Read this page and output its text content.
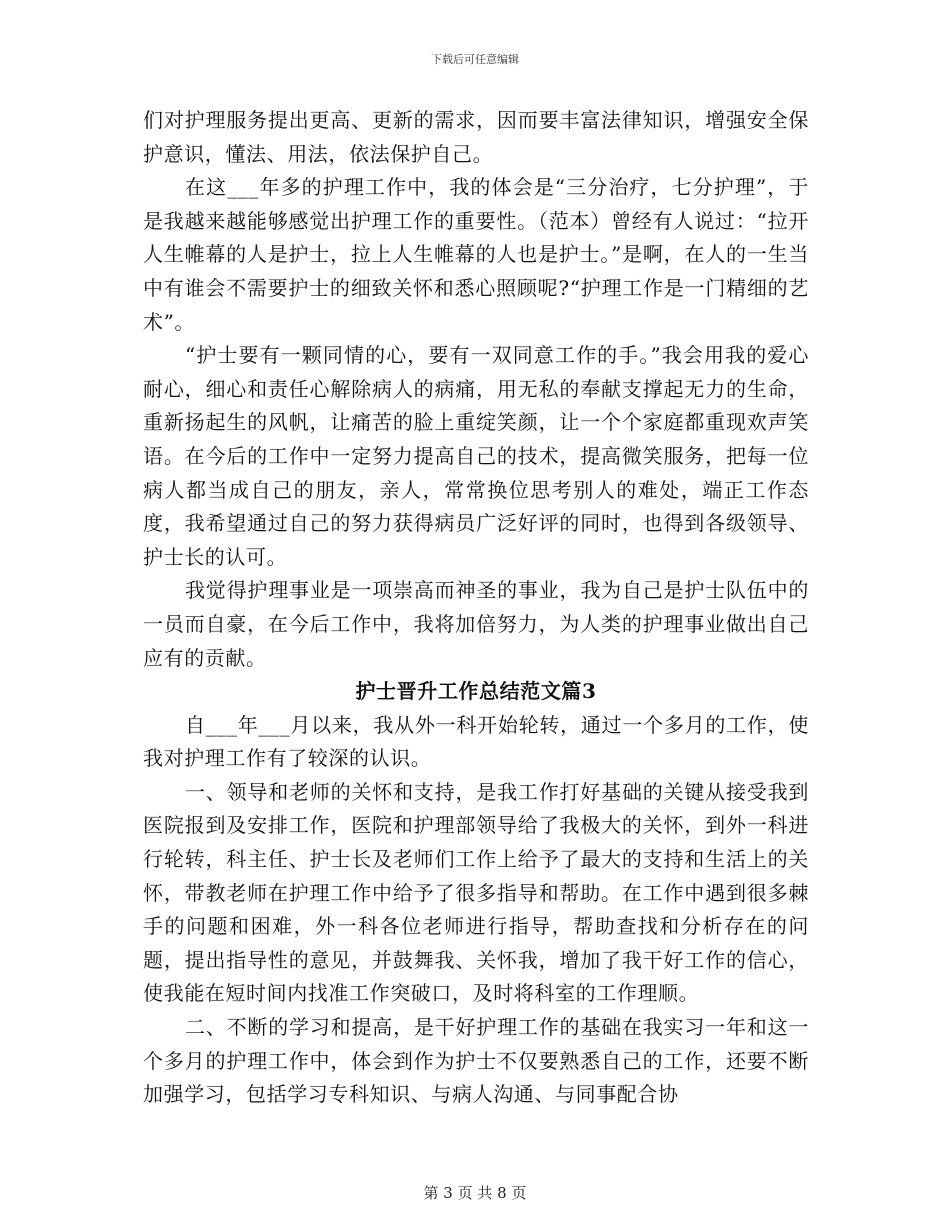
下载后可任意编辑

们对护理服务提出更高、更新的需求，因而要丰富法律知识，增强安全保护意识，懂法、用法，依法保护自己。

在这___年多的护理工作中，我的体会是“三分治疗，七分护理”，于是我越来越能够感觉出护理工作的重要性。（范本）曾经有人说过：“拉开人生帷幕的人是护士，拉上人生帷幕的人也是护士。”是啊，在人的一生当中有谁会不需要护士的细致关怀和悉心照顾呢?“护理工作是一门精细的艺术”。

“护士要有一颗同情的心，要有一双同意工作的手。”我会用我的爱心耐心，细心和责任心解除病人的病痛，用无私的奉献支撑起无力的生命，重新扬起生的风帆，让痛苦的脸上重绽笑颜，让一个个家庭都重现欢声笑语。在今后的工作中一定努力提高自己的技术，提高微笑服务，把每一位病人都当成自己的朋友，亲人，常常换位思考别人的难处，端正工作态度，我希望通过自己的努力获得病员广泛好评的同时，也得到各级领导、护士长的认可。

我觉得护理事业是一项崇高而神圣的事业，我为自己是护士队伍中的一员而自豪，在今后工作中，我将加倍努力，为人类的护理事业做出自己应有的贡献。

护士晋升工作总结范文篇3

自___年___月以来，我从外一科开始轮转，通过一个多月的工作，使我对护理工作有了较深的认识。

一、领导和老师的关怀和支持，是我工作打好基础的关键从接受我到医院报到及安排工作，医院和护理部领导给了我极大的关怀，到外一科进行轮转，科主任、护士长及老师们工作上给予了最大的支持和生活上的关怀，带教老师在护理工作中给予了很多指导和帮助。在工作中遇到很多棘手的问题和困难，外一科各位老师进行指导，帮助查找和分析存在的问题，提出指导性的意见，并鼓舞我、关怀我，增加了我干好工作的信心，使我能在短时间内找准工作突破口，及时将科室的工作理顺。

二、不断的学习和提高，是干好护理工作的基础在我实习一年和这一个多月的护理工作中，体会到作为护士不仅要熟悉自己的工作，还要不断加强学习，包括学习专科知识、与病人沟通、与同事配合协

第 3 页 共 8 页
